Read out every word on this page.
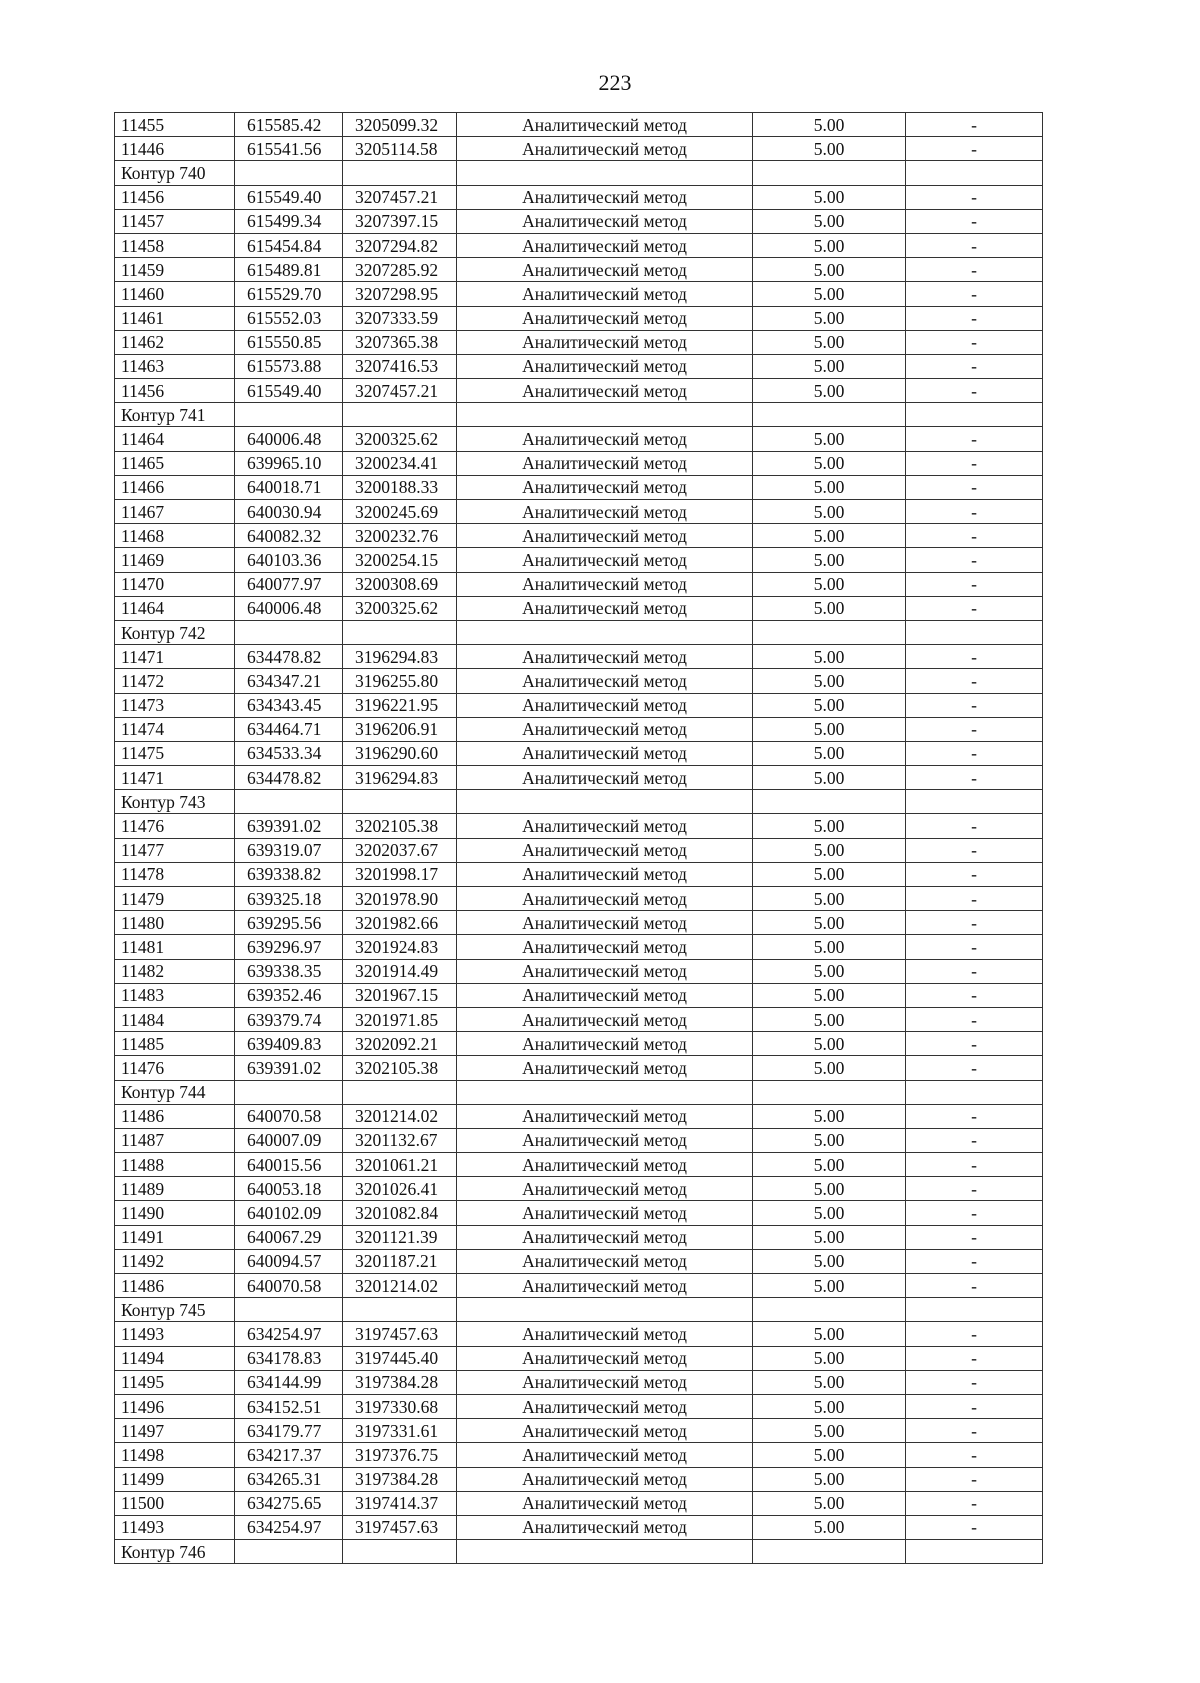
223
11455	615585.42	3205099.32	Аналитический метод	5.00	-
11446	615541.56	3205114.58	Аналитический метод	5.00	-
Контур 740					
11456	615549.40	3207457.21	Аналитический метод	5.00	-
11457	615499.34	3207397.15	Аналитический метод	5.00	-
11458	615454.84	3207294.82	Аналитический метод	5.00	-
11459	615489.81	3207285.92	Аналитический метод	5.00	-
11460	615529.70	3207298.95	Аналитический метод	5.00	-
11461	615552.03	3207333.59	Аналитический метод	5.00	-
11462	615550.85	3207365.38	Аналитический метод	5.00	-
11463	615573.88	3207416.53	Аналитический метод	5.00	-
11456	615549.40	3207457.21	Аналитический метод	5.00	-
Контур 741					
11464	640006.48	3200325.62	Аналитический метод	5.00	-
11465	639965.10	3200234.41	Аналитический метод	5.00	-
11466	640018.71	3200188.33	Аналитический метод	5.00	-
11467	640030.94	3200245.69	Аналитический метод	5.00	-
11468	640082.32	3200232.76	Аналитический метод	5.00	-
11469	640103.36	3200254.15	Аналитический метод	5.00	-
11470	640077.97	3200308.69	Аналитический метод	5.00	-
11464	640006.48	3200325.62	Аналитический метод	5.00	-
Контур 742					
11471	634478.82	3196294.83	Аналитический метод	5.00	-
11472	634347.21	3196255.80	Аналитический метод	5.00	-
11473	634343.45	3196221.95	Аналитический метод	5.00	-
11474	634464.71	3196206.91	Аналитический метод	5.00	-
11475	634533.34	3196290.60	Аналитический метод	5.00	-
11471	634478.82	3196294.83	Аналитический метод	5.00	-
Контур 743					
11476	639391.02	3202105.38	Аналитический метод	5.00	-
11477	639319.07	3202037.67	Аналитический метод	5.00	-
11478	639338.82	3201998.17	Аналитический метод	5.00	-
11479	639325.18	3201978.90	Аналитический метод	5.00	-
11480	639295.56	3201982.66	Аналитический метод	5.00	-
11481	639296.97	3201924.83	Аналитический метод	5.00	-
11482	639338.35	3201914.49	Аналитический метод	5.00	-
11483	639352.46	3201967.15	Аналитический метод	5.00	-
11484	639379.74	3201971.85	Аналитический метод	5.00	-
11485	639409.83	3202092.21	Аналитический метод	5.00	-
11476	639391.02	3202105.38	Аналитический метод	5.00	-
Контур 744					
11486	640070.58	3201214.02	Аналитический метод	5.00	-
11487	640007.09	3201132.67	Аналитический метод	5.00	-
11488	640015.56	3201061.21	Аналитический метод	5.00	-
11489	640053.18	3201026.41	Аналитический метод	5.00	-
11490	640102.09	3201082.84	Аналитический метод	5.00	-
11491	640067.29	3201121.39	Аналитический метод	5.00	-
11492	640094.57	3201187.21	Аналитический метод	5.00	-
11486	640070.58	3201214.02	Аналитический метод	5.00	-
Контур 745					
11493	634254.97	3197457.63	Аналитический метод	5.00	-
11494	634178.83	3197445.40	Аналитический метод	5.00	-
11495	634144.99	3197384.28	Аналитический метод	5.00	-
11496	634152.51	3197330.68	Аналитический метод	5.00	-
11497	634179.77	3197331.61	Аналитический метод	5.00	-
11498	634217.37	3197376.75	Аналитический метод	5.00	-
11499	634265.31	3197384.28	Аналитический метод	5.00	-
11500	634275.65	3197414.37	Аналитический метод	5.00	-
11493	634254.97	3197457.63	Аналитический метод	5.00	-
Контур 746					
